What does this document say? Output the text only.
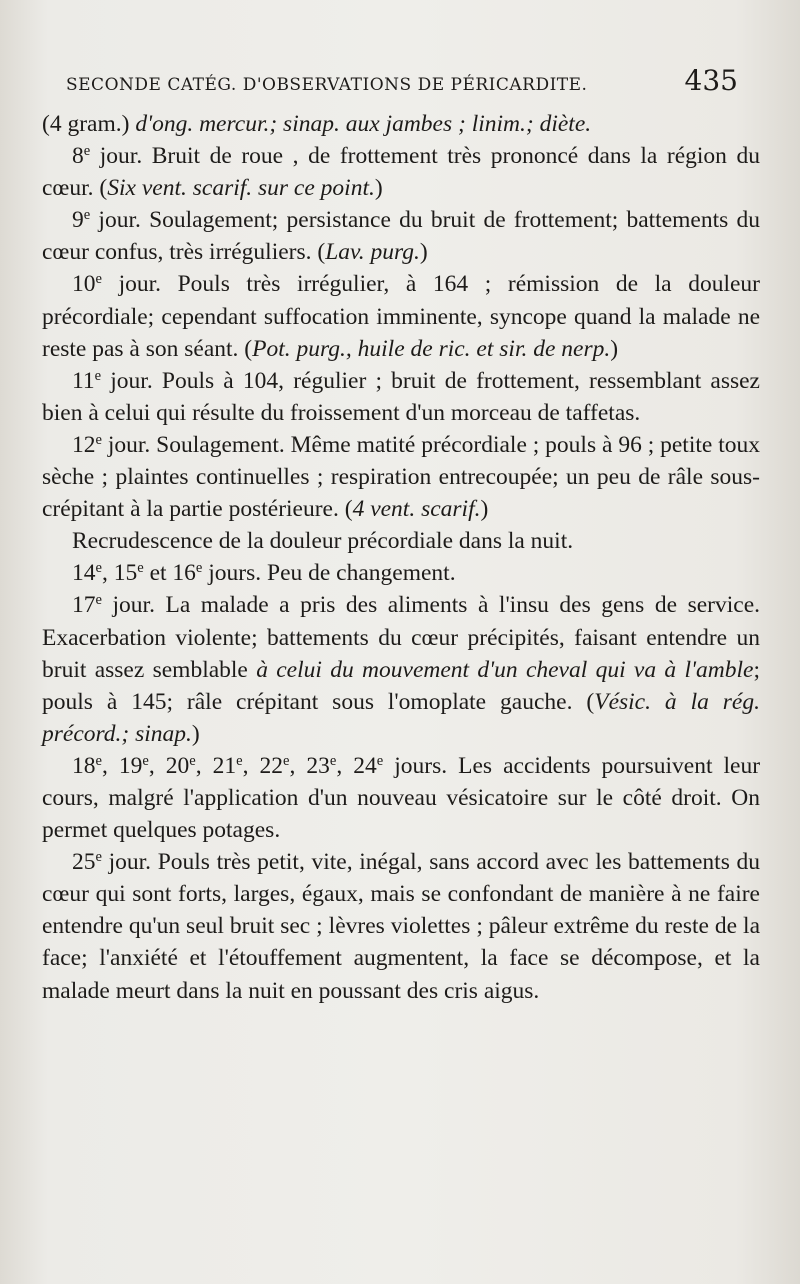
SECONDE CATÉG. D'OBSERVATIONS DE PÉRICARDITE.	435

(4 gram.) d'ong. mercur.; sinap. aux jambes ; linim.; diète.

8e jour. Bruit de roue , de frottement très prononcé dans la région du cœur. (Six vent. scarif. sur ce point.)

9e jour. Soulagement; persistance du bruit de frottement; battements du cœur confus, très irréguliers. (Lav. purg.)

10e jour. Pouls très irrégulier, à 164 ; rémission de la douleur précordiale; cependant suffocation imminente, syncope quand la malade ne reste pas à son séant. (Pot. purg., huile de ric. et sir. de nerp.)

11e jour. Pouls à 104, régulier ; bruit de frottement, ressemblant assez bien à celui qui résulte du froissement d'un morceau de taffetas.

12e jour. Soulagement. Même matité précordiale ; pouls à 96 ; petite toux sèche ; plaintes continuelles ; respiration entrecoupée; un peu de râle sous-crépitant à la partie postérieure. (4 vent. scarif.)

Recrudescence de la douleur précordiale dans la nuit.

14e, 15e et 16e jours. Peu de changement.

17e jour. La malade a pris des aliments à l'insu des gens de service. Exacerbation violente; battements du cœur précipités, faisant entendre un bruit assez semblable à celui du mouvement d'un cheval qui va à l'amble; pouls à 145; râle crépitant sous l'omoplate gauche. (Vésic. à la rég. précord.; sinap.)

18e, 19e, 20e, 21e, 22e, 23e, 24e jours. Les accidents poursuivent leur cours, malgré l'application d'un nouveau vésicatoire sur le côté droit. On permet quelques potages.

25e jour. Pouls très petit, vite, inégal, sans accord avec les battements du cœur qui sont forts, larges, égaux, mais se confondant de manière à ne faire entendre qu'un seul bruit sec ; lèvres violettes ; pâleur extrême du reste de la face; l'anxiété et l'étouffement augmentent, la face se décompose, et la malade meurt dans la nuit en poussant des cris aigus.
